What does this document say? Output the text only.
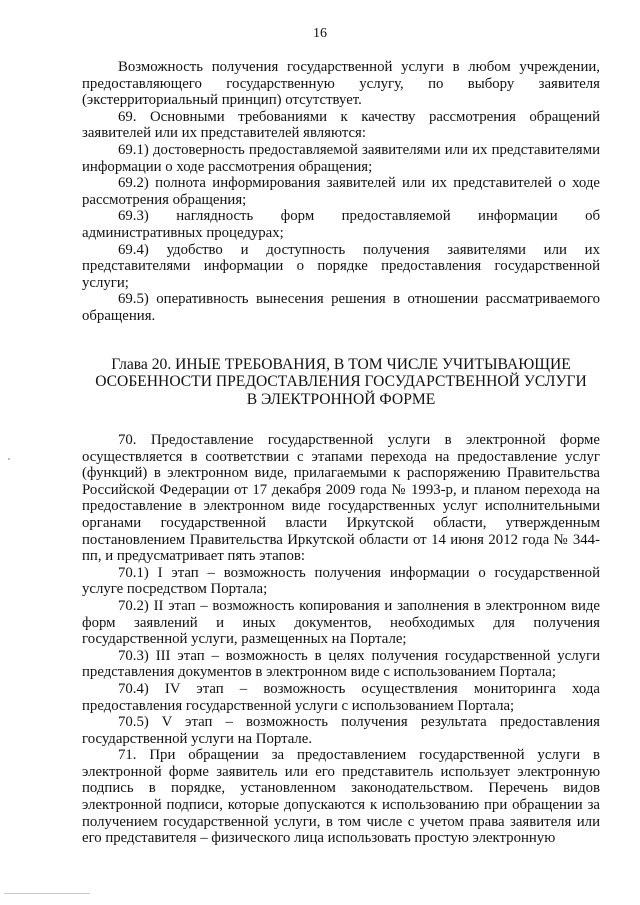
16

Возможность получения государственной услуги в любом учреждении, предоставляющего государственную услугу, по выбору заявителя (экстерриториальный принцип) отсутствует.

69. Основными требованиями к качеству рассмотрения обращений заявителей или их представителей являются:

69.1) достоверность предоставляемой заявителями или их представителями информации о ходе рассмотрения обращения;

69.2) полнота информирования заявителей или их представителей о ходе рассмотрения обращения;

69.3) наглядность форм предоставляемой информации об административных процедурах;

69.4) удобство и доступность получения заявителями или их представителями информации о порядке предоставления государственной услуги;

69.5) оперативность вынесения решения в отношении рассматриваемого обращения.

Глава 20. ИНЫЕ ТРЕБОВАНИЯ, В ТОМ ЧИСЛЕ УЧИТЫВАЮЩИЕ
ОСОБЕННОСТИ ПРЕДОСТАВЛЕНИЯ ГОСУДАРСТВЕННОЙ УСЛУГИ
В ЭЛЕКТРОННОЙ ФОРМЕ

70. Предоставление государственной услуги в электронной форме осуществляется в соответствии с этапами перехода на предоставление услуг (функций) в электронном виде, прилагаемыми к распоряжению Правительства Российской Федерации от 17 декабря 2009 года № 1993-р, и планом перехода на предоставление в электронном виде государственных услуг исполнительными органами государственной власти Иркутской области, утвержденным постановлением Правительства Иркутской области от 14 июня 2012 года № 344-пп, и предусматривает пять этапов:

70.1) I этап – возможность получения информации о государственной услуге посредством Портала;

70.2) II этап – возможность копирования и заполнения в электронном виде форм заявлений и иных документов, необходимых для получения государственной услуги, размещенных на Портале;

70.3) III этап – возможность в целях получения государственной услуги представления документов в электронном виде с использованием Портала;

70.4) IV этап – возможность осуществления мониторинга хода предоставления государственной услуги с использованием Портала;

70.5) V этап – возможность получения результата предоставления государственной услуги на Портале.

71. При обращении за предоставлением государственной услуги в электронной форме заявитель или его представитель использует электронную подпись в порядке, установленном законодательством. Перечень видов электронной подписи, которые допускаются к использованию при обращении за получением государственной услуги, в том числе с учетом права заявителя или его представителя – физического лица использовать простую электронную
